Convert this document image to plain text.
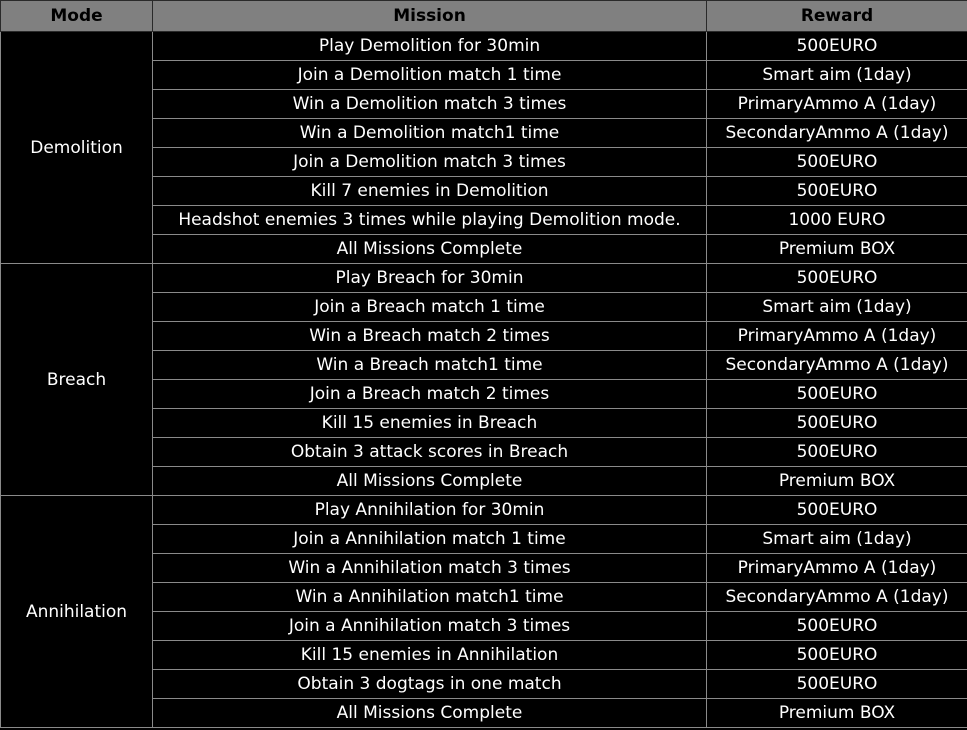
Mode	Mission	Reward
Demolition	Play Demolition for 30min	500EURO
	Join a Demolition match 1 time	Smart aim (1day)
	Win a Demolition match 3 times	PrimaryAmmo A (1day)
	Win a Demolition match1 time	SecondaryAmmo A (1day)
	Join a Demolition match 3 times	500EURO
	Kill 7 enemies in Demolition	500EURO
	Headshot enemies 3 times while playing Demolition mode.	1000 EURO
	All Missions Complete	Premium BOX
Breach	Play Breach for 30min	500EURO
	Join a Breach match 1 time	Smart aim (1day)
	Win a Breach match 2 times	PrimaryAmmo A (1day)
	Win a Breach match1 time	SecondaryAmmo A (1day)
	Join a Breach match 2 times	500EURO
	Kill 15 enemies in Breach	500EURO
	Obtain 3 attack scores in Breach	500EURO
	All Missions Complete	Premium BOX
Annihilation	Play Annihilation for 30min	500EURO
	Join a Annihilation match 1 time	Smart aim (1day)
	Win a Annihilation match 3 times	PrimaryAmmo A (1day)
	Win a Annihilation match1 time	SecondaryAmmo A (1day)
	Join a Annihilation match 3 times	500EURO
	Kill 15 enemies in Annihilation	500EURO
	Obtain 3 dogtags in one match	500EURO
	All Missions Complete	Premium BOX
